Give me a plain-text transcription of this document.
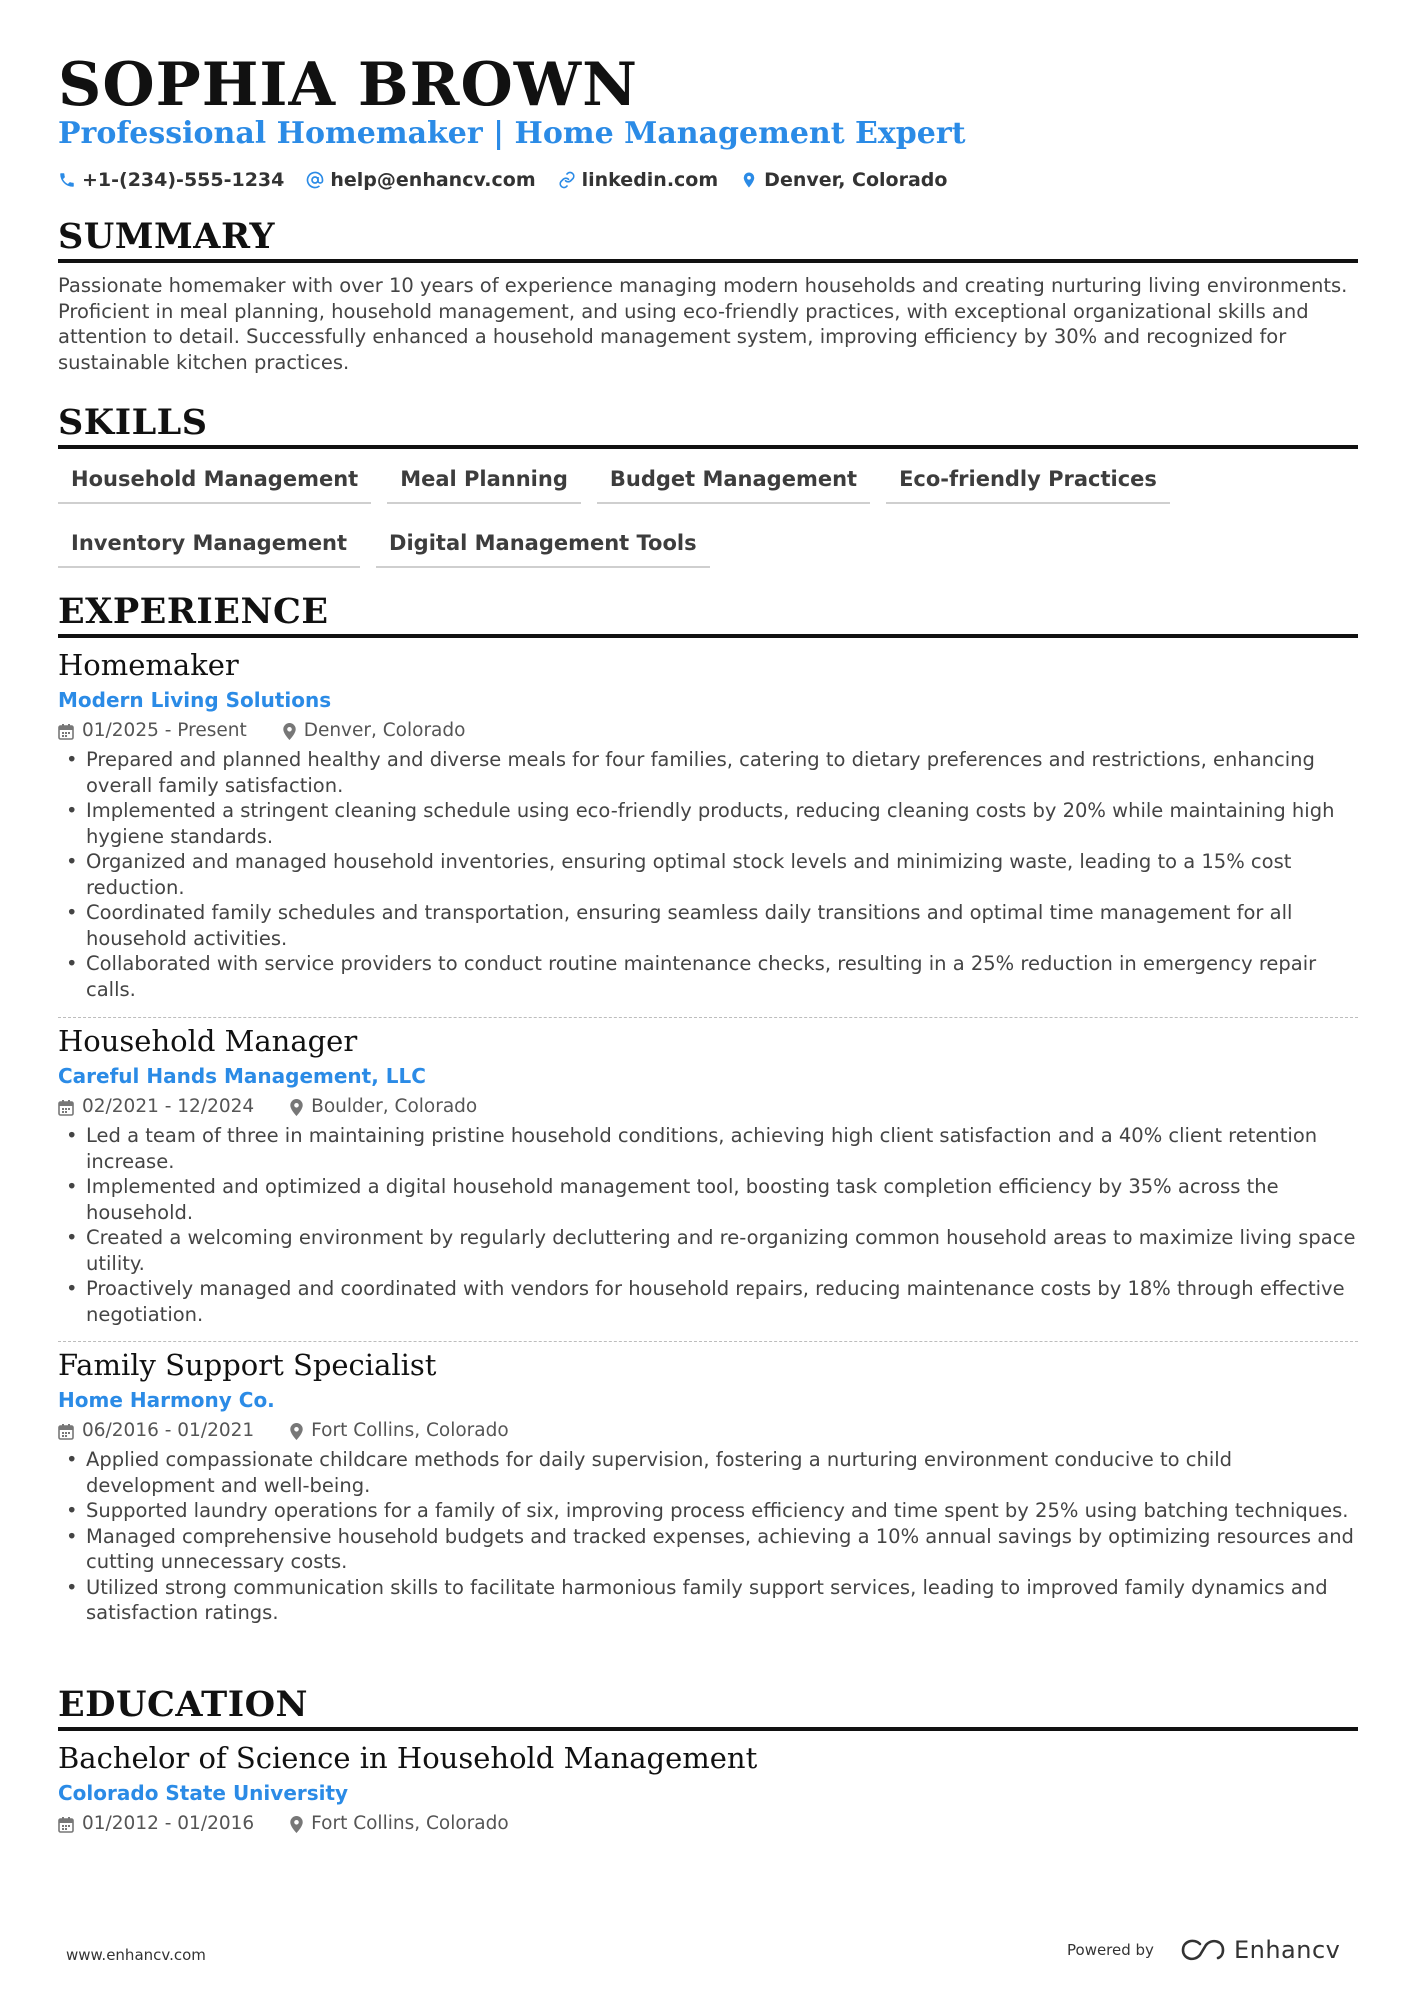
SOPHIA BROWN
Professional Homemaker | Home Management Expert
+1-(234)-555-1234 help@enhancv.com linkedin.com Denver, Colorado
SUMMARY
Passionate homemaker with over 10 years of experience managing modern households and creating nurturing living environments. Proficient in meal planning, household management, and using eco-friendly practices, with exceptional organizational skills and attention to detail. Successfully enhanced a household management system, improving efficiency by 30% and recognized for sustainable kitchen practices.
SKILLS
Household Management	Meal Planning	Budget Management	Eco-friendly Practices
Inventory Management	Digital Management Tools
EXPERIENCE
Homemaker
Modern Living Solutions
01/2025 - Present	Denver, Colorado
• Prepared and planned healthy and diverse meals for four families, catering to dietary preferences and restrictions, enhancing overall family satisfaction.
• Implemented a stringent cleaning schedule using eco-friendly products, reducing cleaning costs by 20% while maintaining high hygiene standards.
• Organized and managed household inventories, ensuring optimal stock levels and minimizing waste, leading to a 15% cost reduction.
• Coordinated family schedules and transportation, ensuring seamless daily transitions and optimal time management for all household activities.
• Collaborated with service providers to conduct routine maintenance checks, resulting in a 25% reduction in emergency repair calls.
Household Manager
Careful Hands Management, LLC
02/2021 - 12/2024	Boulder, Colorado
• Led a team of three in maintaining pristine household conditions, achieving high client satisfaction and a 40% client retention increase.
• Implemented and optimized a digital household management tool, boosting task completion efficiency by 35% across the household.
• Created a welcoming environment by regularly decluttering and re-organizing common household areas to maximize living space utility.
• Proactively managed and coordinated with vendors for household repairs, reducing maintenance costs by 18% through effective negotiation.
Family Support Specialist
Home Harmony Co.
06/2016 - 01/2021	Fort Collins, Colorado
• Applied compassionate childcare methods for daily supervision, fostering a nurturing environment conducive to child development and well-being.
• Supported laundry operations for a family of six, improving process efficiency and time spent by 25% using batching techniques.
• Managed comprehensive household budgets and tracked expenses, achieving a 10% annual savings by optimizing resources and cutting unnecessary costs.
• Utilized strong communication skills to facilitate harmonious family support services, leading to improved family dynamics and satisfaction ratings.
EDUCATION
Bachelor of Science in Household Management
Colorado State University
01/2012 - 01/2016	Fort Collins, Colorado
www.enhancv.com	Powered by	Enhancv
